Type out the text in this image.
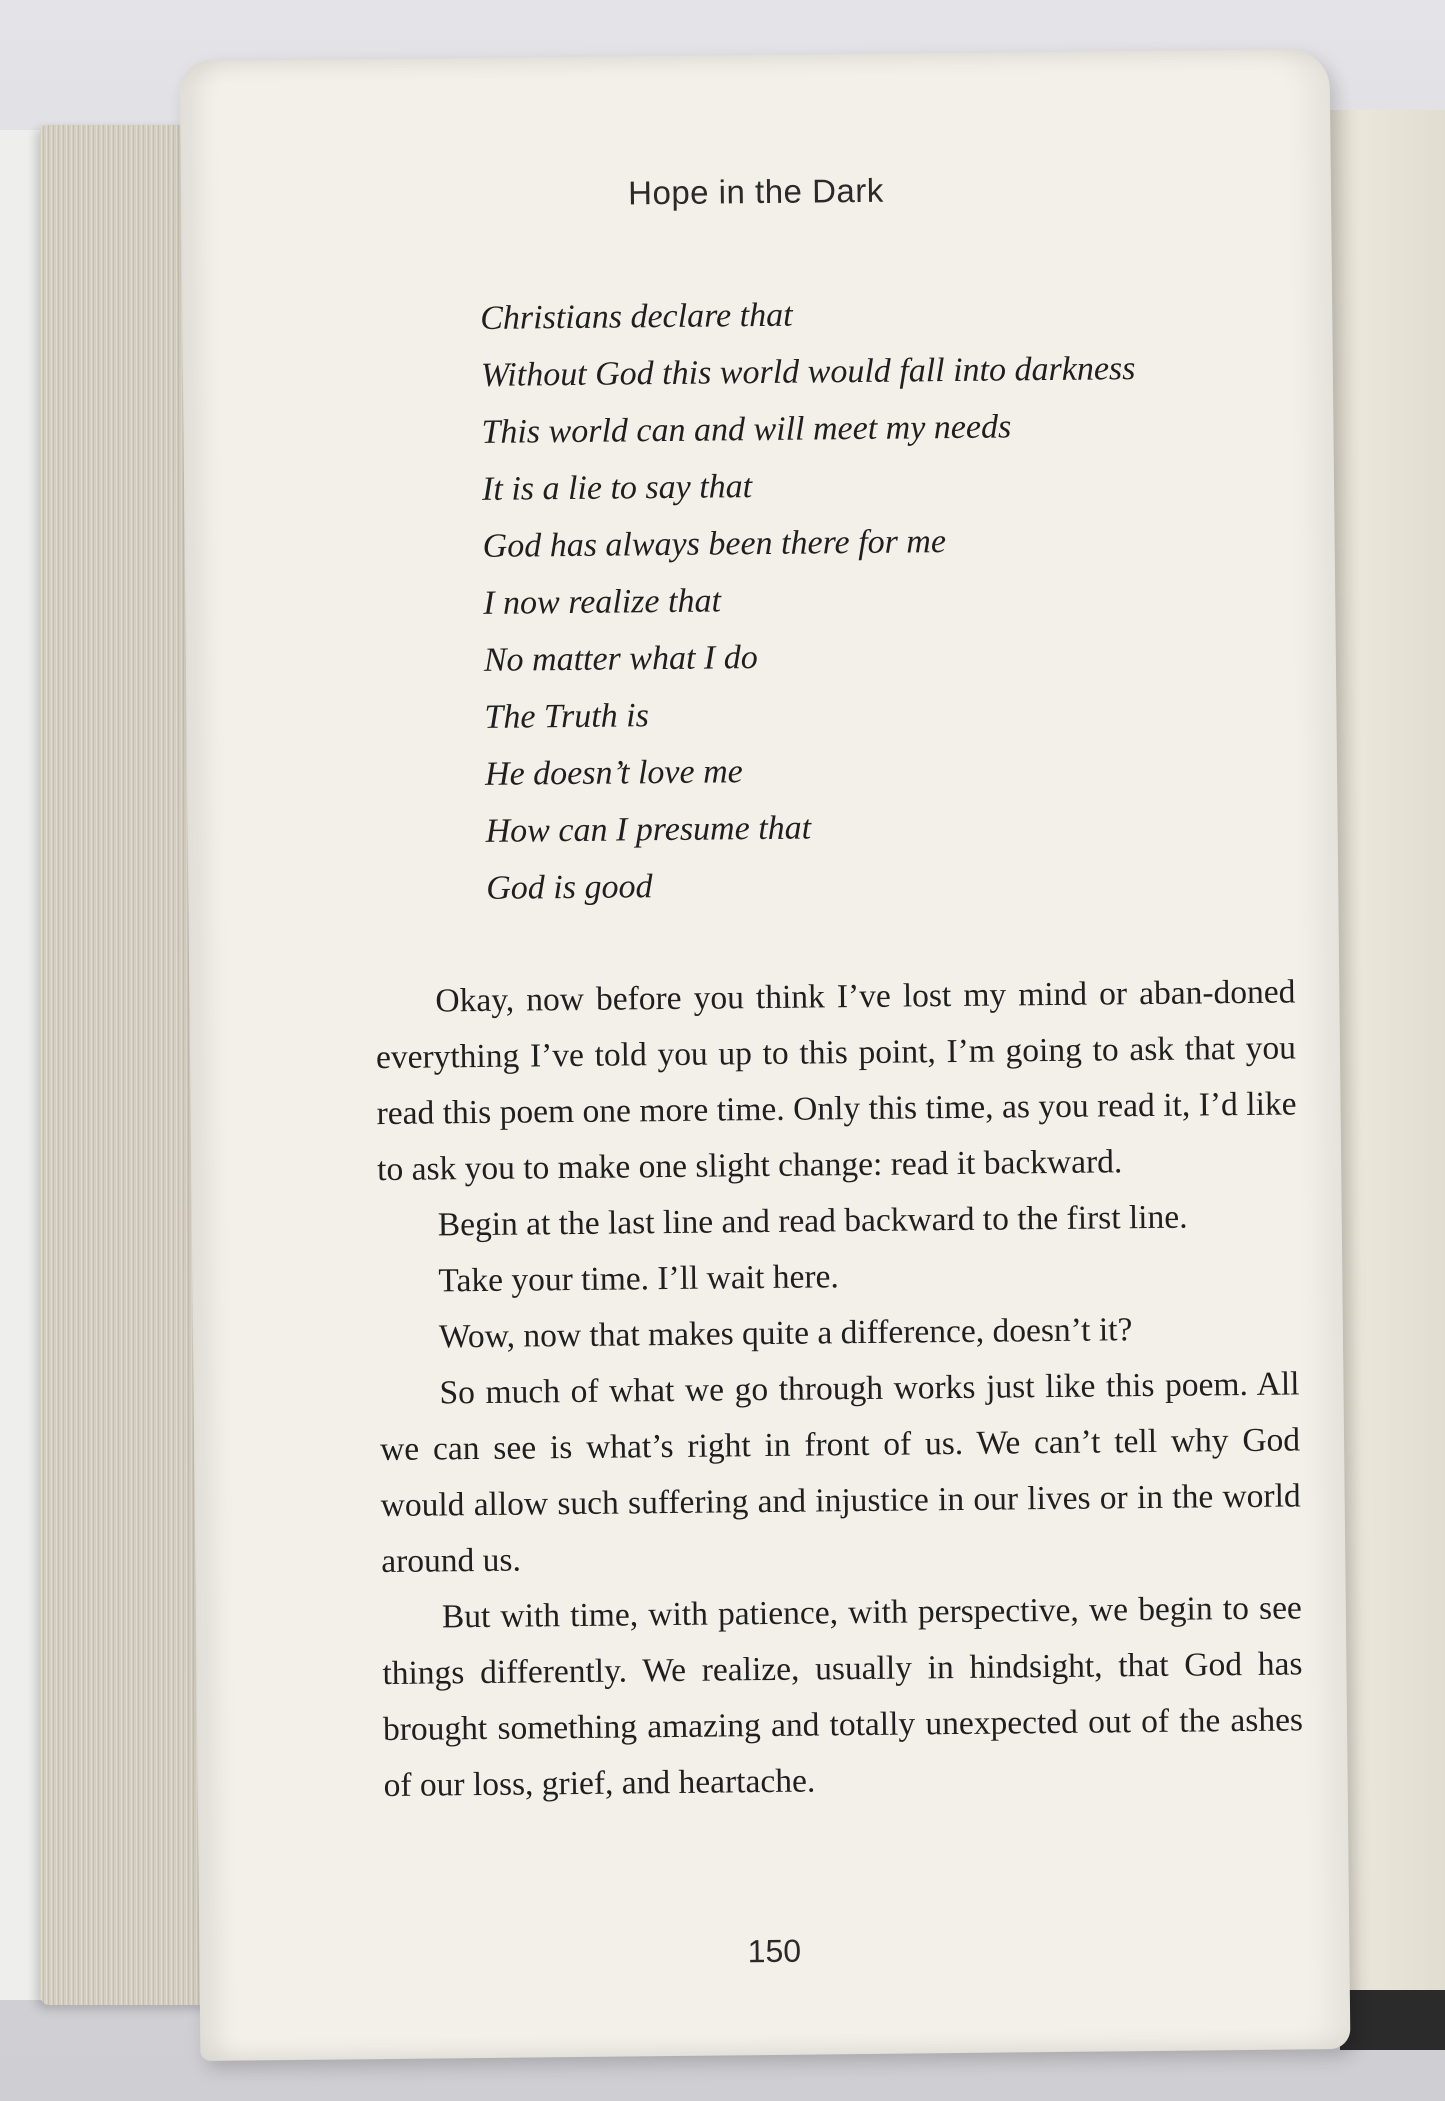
Hope in the Dark
Christians declare that
Without God this world would fall into darkness
This world can and will meet my needs
It is a lie to say that
God has always been there for me
I now realize that
No matter what I do
The Truth is
He doesn’t love me
How can I presume that
God is good

Okay, now before you think I’ve lost my mind or aban-doned everything I’ve told you up to this point, I’m going to ask that you read this poem one more time. Only this time, as you read it, I’d like to ask you to make one slight change: read it backward.

Begin at the last line and read backward to the first line.

Take your time. I’ll wait here.

Wow, now that makes quite a difference, doesn’t it?

So much of what we go through works just like this poem. All we can see is what’s right in front of us. We can’t tell why God would allow such suffering and injustice in our lives or in the world around us.

But with time, with patience, with perspective, we begin to see things differently. We realize, usually in hindsight, that God has brought something amazing and totally unexpected out of the ashes of our loss, grief, and heartache.

150
